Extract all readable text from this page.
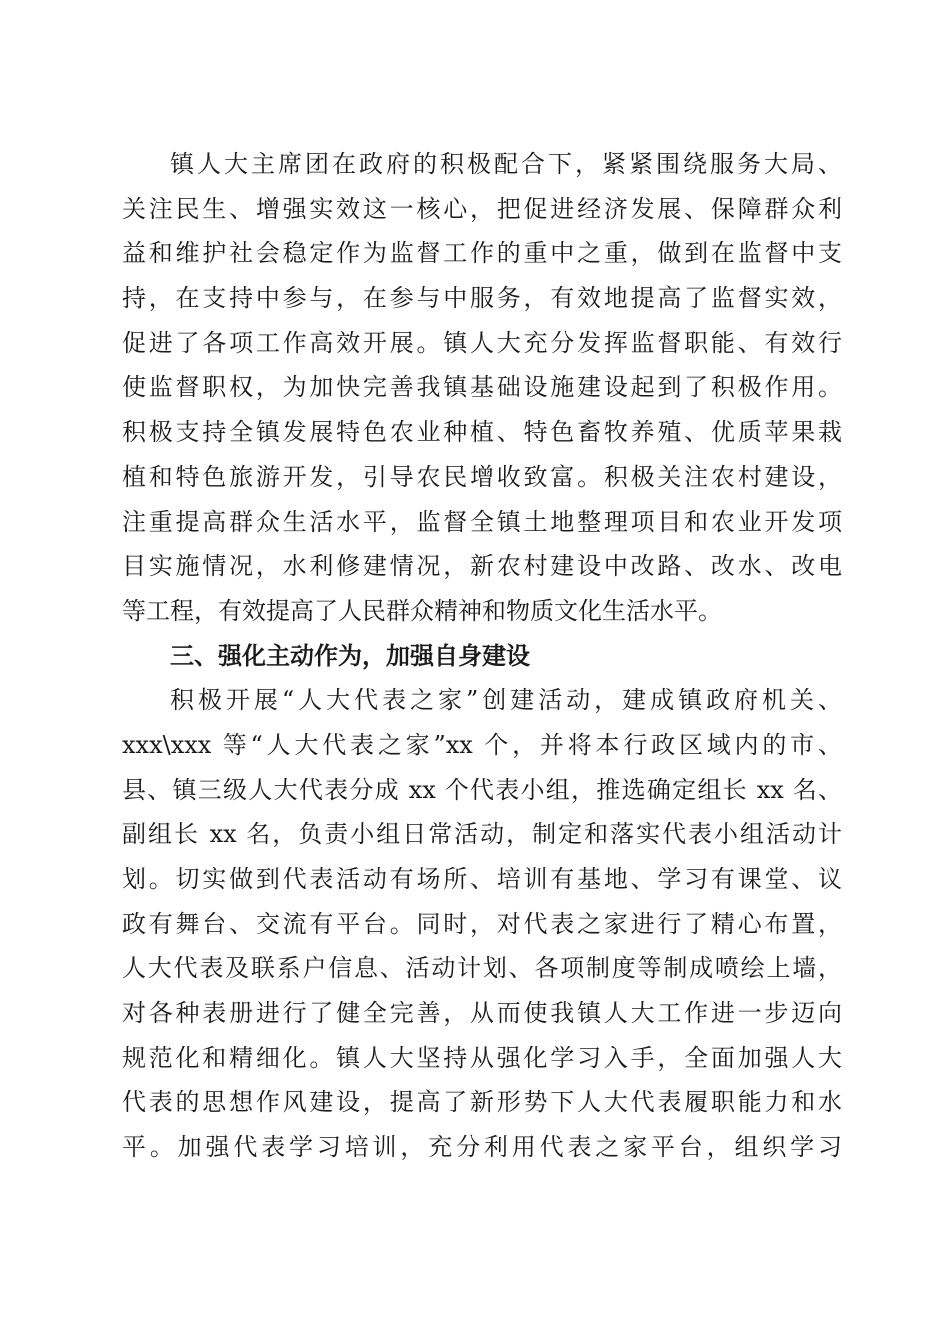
镇人大主席团在政府的积极配合下，紧紧围绕服务大局、
关注民生、增强实效这一核心，把促进经济发展、保障群众利
益和维护社会稳定作为监督工作的重中之重，做到在监督中支
持，在支持中参与，在参与中服务，有效地提高了监督实效，
促进了各项工作高效开展。镇人大充分发挥监督职能、有效行
使监督职权，为加快完善我镇基础设施建设起到了积极作用。
积极支持全镇发展特色农业种植、特色畜牧养殖、优质苹果栽
植和特色旅游开发，引导农民增收致富。积极关注农村建设，
注重提高群众生活水平，监督全镇土地整理项目和农业开发项
目实施情况，水利修建情况，新农村建设中改路、改水、改电
等工程，有效提高了人民群众精神和物质文化生活水平。
三、强化主动作为，加强自身建设
积极开展“人大代表之家”创建活动，建成镇政府机关、
xxx\xxx 等“人大代表之家”xx 个，并将本行政区域内的市、
县、镇三级人大代表分成 xx 个代表小组，推选确定组长 xx 名、
副组长 xx 名，负责小组日常活动，制定和落实代表小组活动计
划。切实做到代表活动有场所、培训有基地、学习有课堂、议
政有舞台、交流有平台。同时，对代表之家进行了精心布置，
人大代表及联系户信息、活动计划、各项制度等制成喷绘上墙，
对各种表册进行了健全完善，从而使我镇人大工作进一步迈向
规范化和精细化。镇人大坚持从强化学习入手，全面加强人大
代表的思想作风建设，提高了新形势下人大代表履职能力和水
平。加强代表学习培训，充分利用代表之家平台，组织学习
